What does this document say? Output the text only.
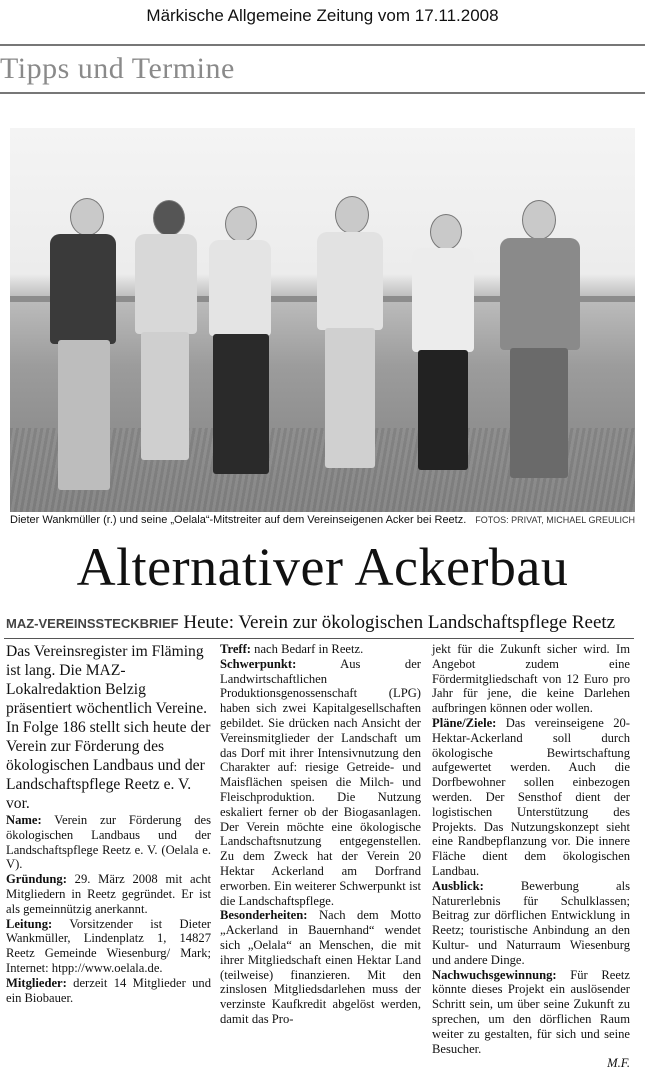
Märkische Allgemeine Zeitung vom 17.11.2008
Tipps und Termine
Dieter Wankmüller (r.) und seine „Oelala“-Mitstreiter auf dem Vereinseigenen Acker bei Reetz. FOTOS: PRIVAT, MICHAEL GREULICH
Alternativer Ackerbau
MAZ-VEREINSSTECKBRIEF Heute: Verein zur ökologischen Landschaftspflege Reetz

Das Vereinsregister im Fläming ist lang. Die MAZ-Lokalredaktion Belzig präsentiert wöchentlich Vereine. In Folge 186 stellt sich heute der Verein zur Förderung des ökologischen Landbaus und der Landschaftspflege Reetz e. V. vor.

Name: Verein zur Förderung des ökologischen Landbaus und der Landschaftspflege Reetz e. V. (Oelala e. V).

Gründung: 29. März 2008 mit acht Mitgliedern in Reetz gegründet. Er ist als gemeinnützig anerkannt.

Leitung: Vorsitzender ist Dieter Wankmüller, Lindenplatz 1, 14827 Reetz Gemeinde Wiesenburg/ Mark; Internet: htpp://www.oelala.de.

Mitglieder: derzeit 14 Mitglieder und ein Biobauer.

Treff: nach Bedarf in Reetz.

Schwerpunkt:	Aus der Landwirtschaftlichen Produktionsgenossenschaft (LPG) haben sich zwei Kapitalgesellschaften gebildet. Sie drücken nach Ansicht der Vereinsmitglieder der Landschaft um das Dorf mit ihrer Intensivnutzung den Charakter auf: riesige Getreide- und Maisflächen speisen die Milch- und Fleischproduktion. Die Nutzung eskaliert ferner ob der Biogasanlagen. Der Verein möchte eine ökologische Landschaftsnutzung entgegenstellen. Zu dem Zweck hat der Verein 20 Hektar Ackerland am Dorfrand erworben. Ein weiterer Schwerpunkt ist die Landschaftspflege.

Besonderheiten: Nach dem Motto „Ackerland in Bauernhand“ wendet sich „Oelala“ an Menschen, die mit ihrer Mitgliedschaft einen Hektar Land (teilweise) finanzieren. Mit den zinslosen Mitgliedsdarlehen muss der verzinste Kaufkredit abgelöst werden, damit das Pro-

jekt für die Zukunft sicher wird. Im Angebot zudem eine Fördermitgliedschaft von 12 Euro pro Jahr für jene, die keine Darlehen aufbringen können oder wollen.

Pläne/Ziele: Das vereinseigene 20-Hektar-Ackerland soll durch ökologische Bewirtschaftung aufgewertet werden. Auch die Dorfbewohner sollen einbezogen werden. Der Sensthof dient der logistischen Unterstützung des Projekts. Das Nutzungskonzept sieht eine Randbepflanzung vor. Die innere Fläche dient dem ökologischen Landbau.

Ausblick:	Bewerbung als Naturerlebnis für Schulklassen; Beitrag zur dörflichen Entwicklung in Reetz; touristische Anbindung an den Kultur- und Naturraum Wiesenburg und andere Dinge.

Nachwuchsgewinnung: Für Reetz könnte dieses Projekt ein auslösender Schritt sein, um über seine Zukunft zu sprechen, um den dörflichen Raum weiter zu gestalten, für sich und seine Besucher.

M.F.
